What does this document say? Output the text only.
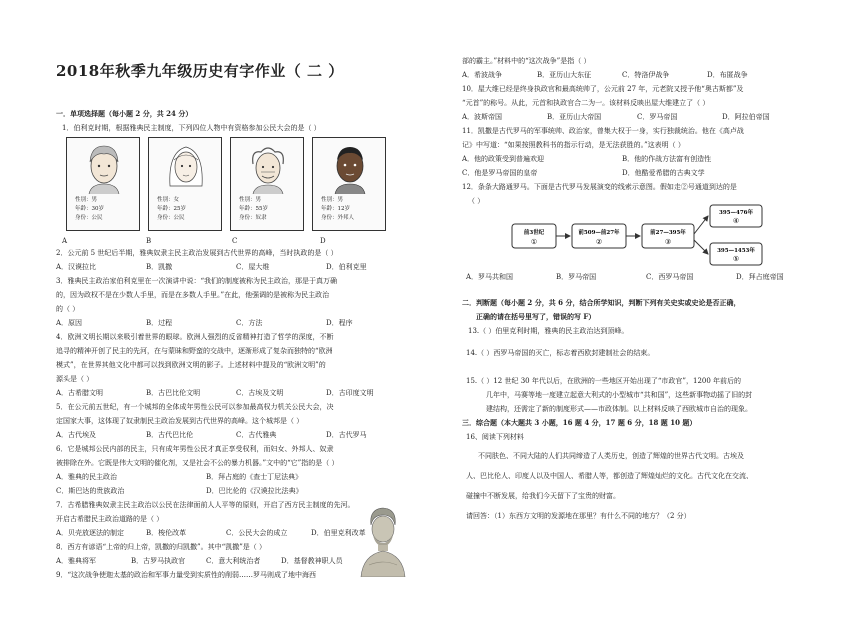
2018年秋季九年级历史有字作业（ 二 ）
一．单项选择题（每小题 2 分，共 24 分）
1．伯利克时期，根据雅典民主制度，下列四位人物中有资格参加公民大会的是（ ）
性别：男
年龄：30岁
身份：公民
性别：女
年龄：25岁
身份：公民
性别：男
年龄：55岁
身份：奴隶
性别：男
年龄：12岁
身份：外邦人
A	B	C	D
2．公元前 5 世纪后半期，雅典奴隶主民主政治发展到古代世界的高峰，当时执政的是（ ）
A．汉谟拉比	B．凯撒	C．屋大维	D．伯利克里
3．雅典民主政治家伯利克里在一次演讲中说：“我们的制度被称为民主政治，那是于真万确
的，因为政权不是在少数人手里，而是在多数人手里。”在此，他强调的是被称为民主政治
的（ ）
A．原因	B．过程	C．方法	D．程序
4．欧洲文明长期以来吸引着世界的眼球。欧洲人强烈的反省精神打造了哲学的深度，不断
追寻的精神开创了民主的先河，在与蒙昧和野蛮的交战中，逐渐形成了复杂而独特的“欧洲
模式”，在世界其他文化中都可以找到欧洲文明的影子。上述材料中提及的“欧洲文明”的
源头是（ ）
A．古希腊文明	B．古巴比伦文明	C．古埃及文明	D．古印度文明
5．在公元前五世纪，有一个城邦的全体成年男性公民可以参加最高权力机关公民大会，决
定国家大事，这体现了奴隶制民主政治发展到古代世界的高峰。这个城邦是（ ）
A．古代埃及	B．古代巴比伦	C．古代雅典	D．古代罗马
6．它是城邦公民内部的民主，只有成年男性公民才真正享受权利，而妇女、外邦人、奴隶
被排除在外。它既是伟大文明的催化剂，又是社会不公的暴力机器。”文中的“它”指的是（ ）
A．雅典的民主政治	B．拜占庭的《查士丁尼法典》
C．斯巴达的贵族政治	D．巴比伦的《汉谟拉比法典》
7．古希腊雅典奴隶主民主政治以公民在法律面前人人平等的原则，开启了西方民主制度的先河。
开启古希腊民主政治道路的是（ ）
A．贝壳放逐法的制定	B．梭伦改革	C．公民大会的成立	D．伯里克利改革
8．西方有谚语“上帝的归上帝，凯撒的归凯撒”。其中“凯撒”是（ ）
A．雅典将军	B．古罗马执政官	C．意大利统治者	D．基督教神职人员
9．“这次战争使迦太基的政治和军事力量受到实质性的削弱……罗马则成了地中海西
部的霸主。”材料中的“这次战争”是指（ ）
A．希波战争	B．亚历山大东征	C．特洛伊战争	D．布匿战争
10．屋大维已经是终身执政官和最高统帅了，公元前 27 年，元老院又授予他“奥古斯都”及
“元首”的称号。从此，元首和执政官合二为一。该材料反映出屋大维建立了（ ）
A．波斯帝国	B．亚历山大帝国	C．罗马帝国	D．阿拉伯帝国
11．凯撒是古代罗马的军事统帅、政治家，曾集大权于一身，实行独裁统治。他在《高卢战
记》中写道：“如果按照教科书的指示行动，是无法获胜的。”这表明（ ）
A．他的政策受到普遍欢迎	B．他的作战方法富有创造性
C．他是罗马帝国的皇帝	D．他酷爱希腊的古典文学
12．条条大路通罗马。下面是古代罗马发展演变的线索示意图。假如走②号通道到达的是
（ ）
前3世纪
①
前509—前27年
②
前27—395年
③
395—476年
④
395—1453年
⑤
A．罗马共和国	B．罗马帝国	C．西罗马帝国	D．拜占庭帝国
二．判断题（每小题 2 分，共 6 分，结合所学知识，判断下列有关史实或史论是否正确，
正确的请在括号里写了，错误的写 F）
13.（ ）伯里克利时期，雅典的民主政治达到顶峰。
14.（ ）西罗马帝国的灭亡，标志着西欧封建制社会的结束。
15.（ ）12 世纪 30 年代以后，在欧洲的一些地区开始出现了“市政官”，1200 年前后的
几年中，马赛等地一度建立起意大利式的小型城市“共和国”，这些新事物动摇了旧的封
建结构，还需定了新的制度形式——市政体制。以上材料反映了西欧城市自治的现象。
三．综合题（本大题共 3 小题，16 题 4 分，17 题 6 分，18 题 10 题）
16、阅读下列材料
不同肤色、不同大陆的人们共同缔造了人类历史，创造了辉煌的世界古代文明。古埃及
人、巴比伦人、印度人以及中国人、希腊人等，都创造了辉煌灿烂的文化。古代文化在交流、
碰撞中不断发展，给我们今天留下了宝贵的财富。
请回答：（1）东西方文明的发源地在那里？有什么不同的地方？（2 分）
